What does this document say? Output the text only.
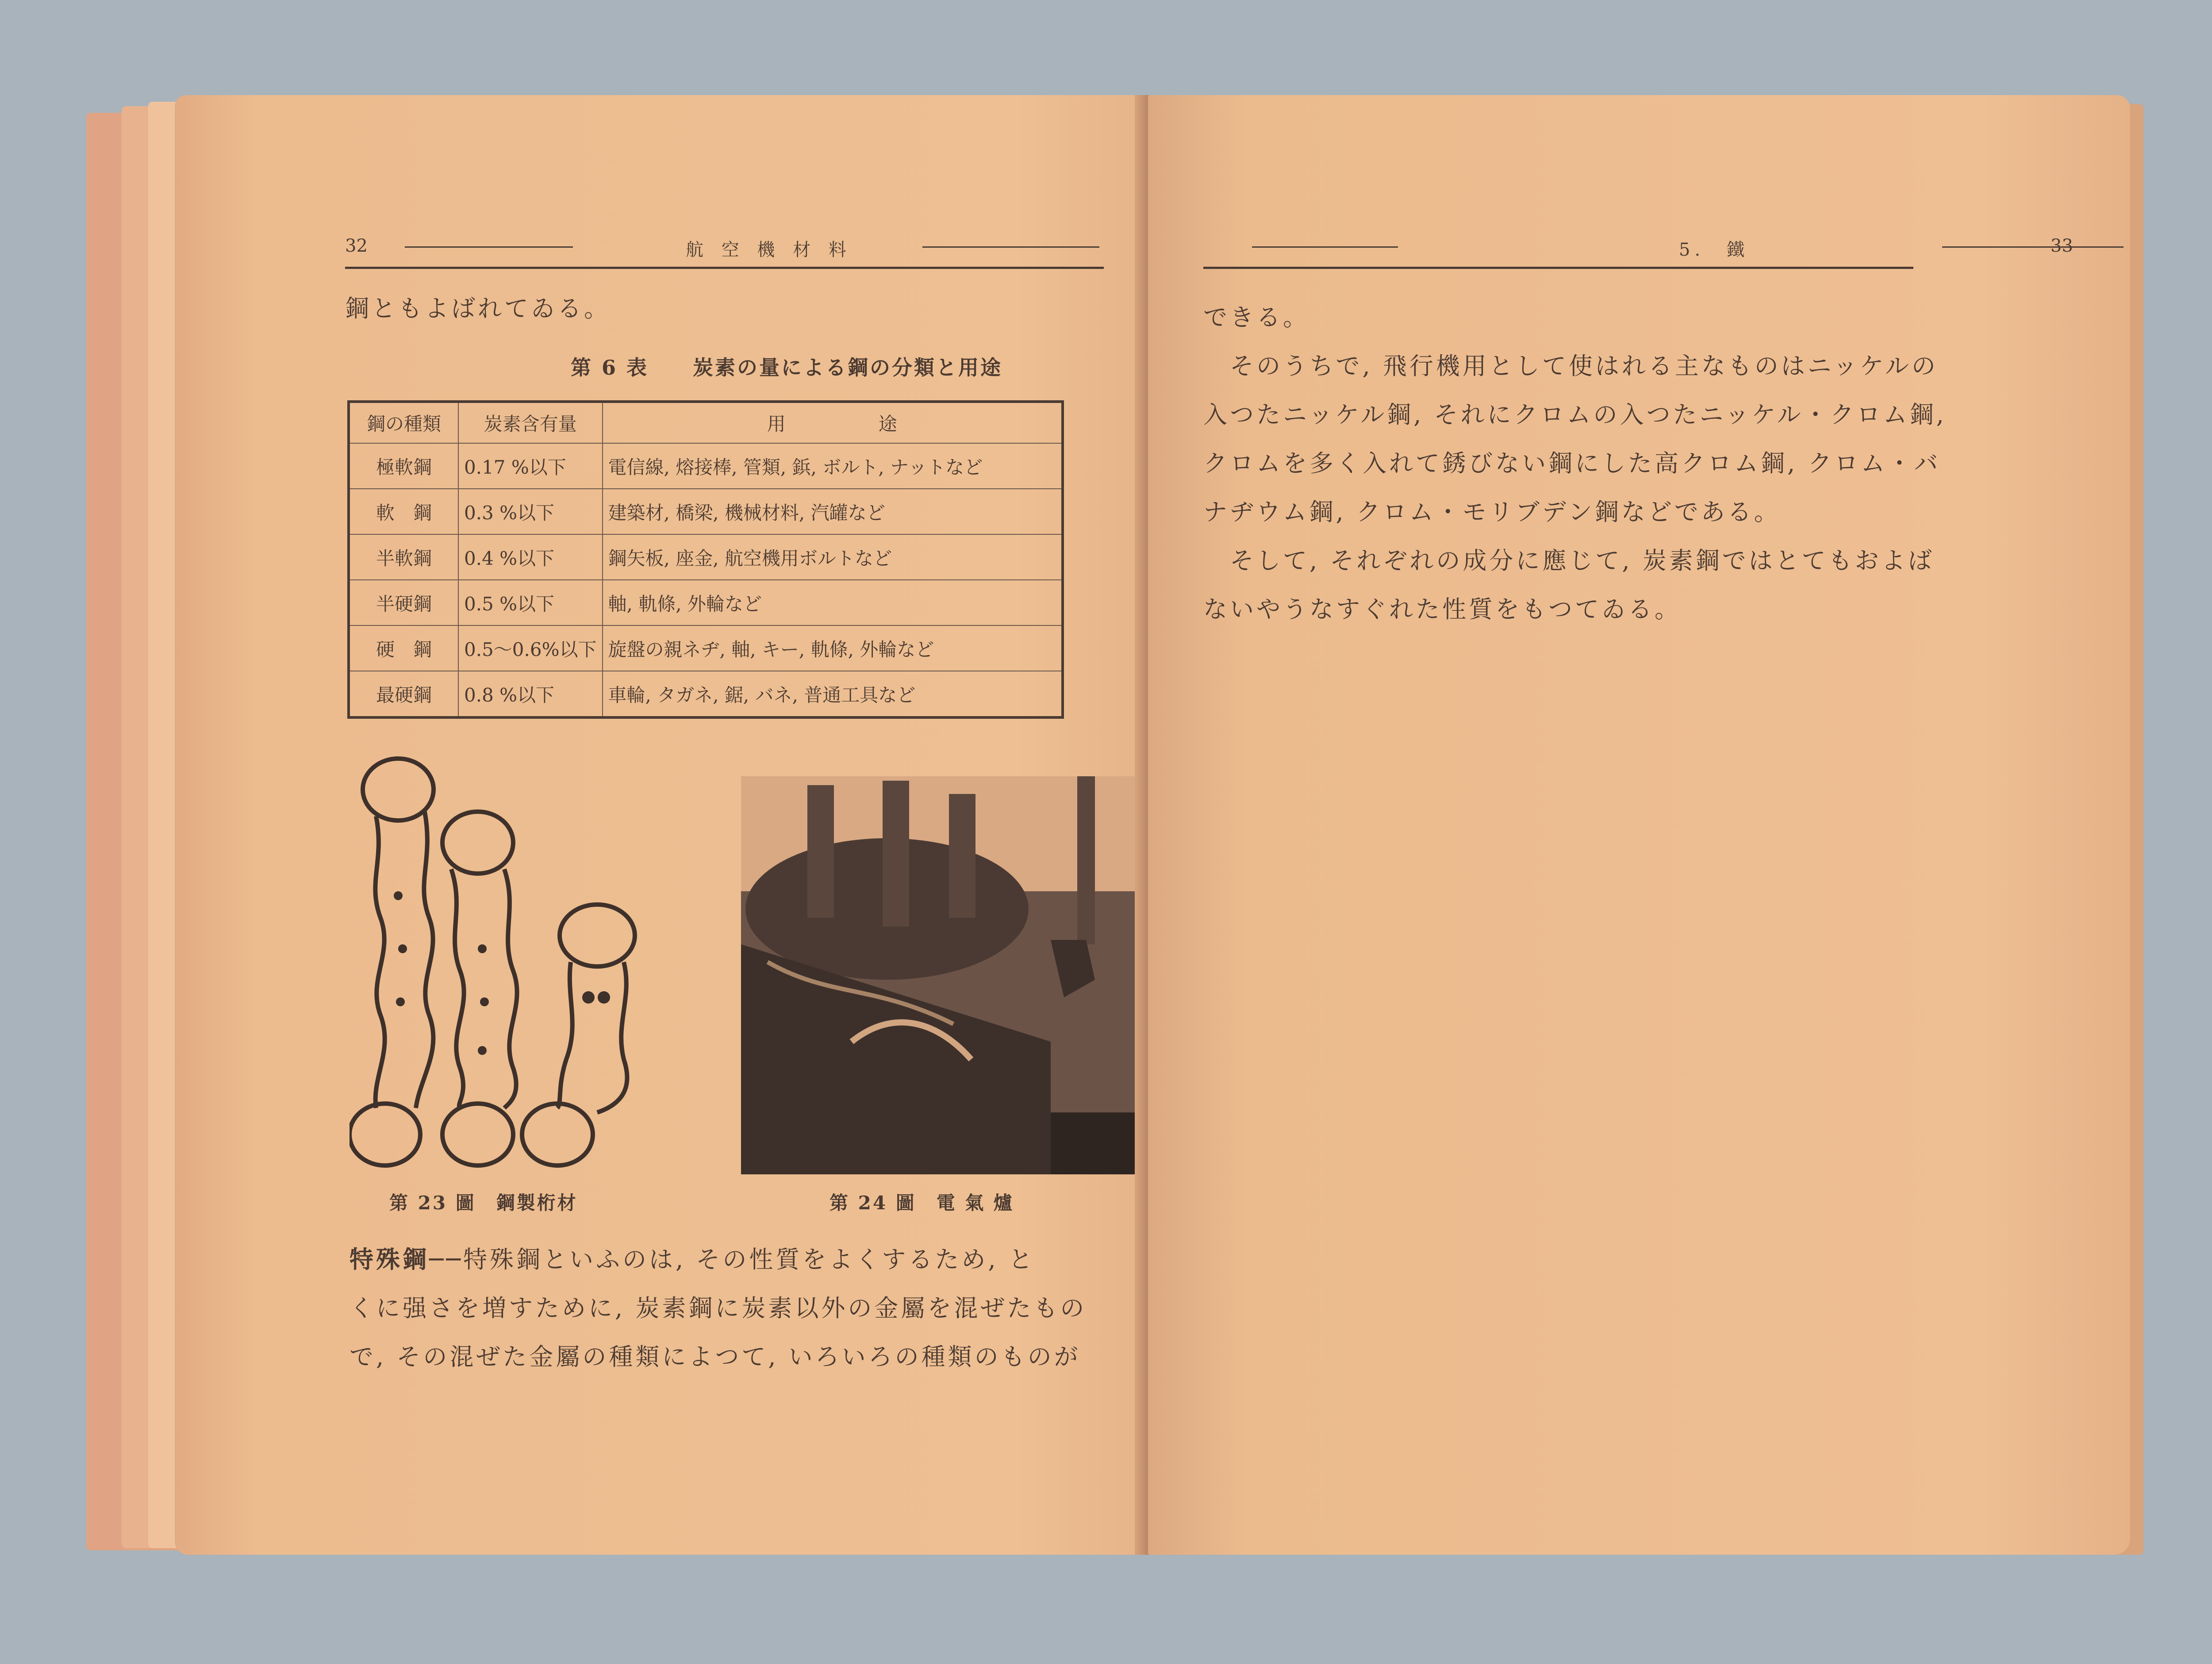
32	航 空 機 材 料
鋼ともよばれてゐる。
第 6 表　　炭素の量による鋼の分類と用途
鋼の種類	炭素含有量	用　　　　　途
極軟鋼	0.17 %以下	電信線, 熔接棒, 管類, 鋲, ボルト, ナットなど
軟　鋼	0.3 %以下	建築材, 橋梁, 機械材料, 汽罐など
半軟鋼	0.4 %以下	鋼矢板, 座金, 航空機用ボルトなど
半硬鋼	0.5 %以下	軸, 軌條, 外輪など
硬　鋼	0.5～0.6%以下	旋盤の親ネヂ, 軸, キー, 軌條, 外輪など
最硬鋼	0.8 %以下	車輪, タガネ, 鋸, バネ, 普通工具など
第 23 圖　鋼製桁材	第 24 圖　電 氣 爐
特殊鋼 ──特殊鋼といふのは, その性質をよくするため, と
くに强さを増すために, 炭素鋼に炭素以外の金屬を混ぜたもの
で, その混ぜた金屬の種類によつて, いろいろの種類のものが
5.　鐵	33
できる。
　そのうちで, 飛行機用として使はれる主なものはニッケルの
入つたニッケル鋼, それにクロムの入つたニッケル・クロム鋼,
クロムを多く入れて銹びない鋼にした高クロム鋼, クロム・バ
ナヂウム鋼, クロム・モリブデン鋼などである。
　そして, それぞれの成分に應じて, 炭素鋼ではとてもおよば
ないやうなすぐれた性質をもつてゐる。
